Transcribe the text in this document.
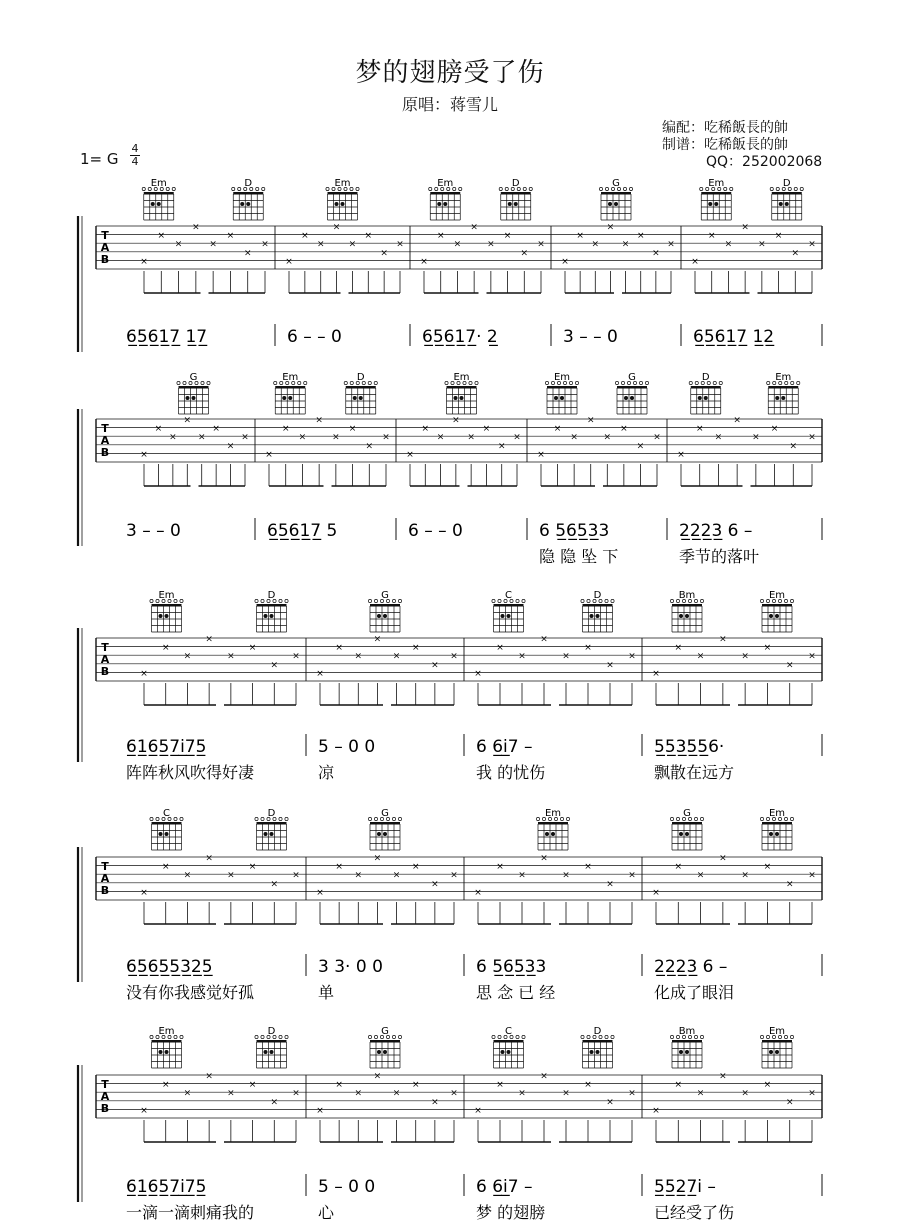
梦的翅膀受了伤
原唱：蒋雪儿
编配：吃稀飯長的帥
制谱：吃稀飯長的帥
QQ：252002068
1= G
4
4
T
A
B	×
×
×
×
×
×
×
×
6̲5̲6̲1̲7̲ 1̲7̲
×
×
×
×
×
×
×
×
6 – – 0
×
×
×
×
×
×
×
×
6̲5̲6̲1̲7̲· 2̲
×
×
×
×
×
×
×
×
3 – – 0
×
×
×
×
×
×
×
×
6̲5̲6̲1̲7̲ 1̲2̲
Em	D	Em	Em	D	G	Em	D
T
A
B	×
×
×
×
×
×
×
×
3 – – 0
×
×
×
×
×
×
×
×
6̲5̲6̲1̲7̲ 5
×
×
×
×
×
×
×
×
6 – – 0
×
×
×
×
×
×
×
×
6 5̲6̲5̲3̲3
隐 隐 坠 下
×
×
×
×
×
×
×
×
2̲2̲2̲3̲ 6 –
季节的落叶
G	Em	D	Em	Em	G	D	Em
T
A
B	×
×
×
×
×
×
×
×
6̲1̲6̲5̲7̲i̲7̲5̲
阵阵秋风吹得好凄
×
×
×
×
×
×
×
×
5 – 0 0
凉
×
×
×
×
×
×
×
×
6 6̲i̲7 –
我 的忧伤
×
×
×
×
×
×
×
×
5̲5̲3̲5̲5̲6·
飘散在远方
Em	D	G	C	D	Bm	Em
T
A
B	×
×
×
×
×
×
×
×
6̲5̲6̲5̲5̲3̲2̲5̲
没有你我感觉好孤
×
×
×
×
×
×
×
×
3 3· 0 0
单
×
×
×
×
×
×
×
×
6 5̲6̲5̲3̲3
思 念 已 经
×
×
×
×
×
×
×
×
2̲2̲2̲3̲ 6 –
化成了眼泪
C	D	G	Em	G	Em
T
A
B	×
×
×
×
×
×
×
×
6̲1̲6̲5̲7̲i̲7̲5̲
一滴一滴刺痛我的
×
×
×
×
×
×
×
×
5 – 0 0
心
×
×
×
×
×
×
×
×
6 6̲i̲7 –
梦 的翅膀
×
×
×
×
×
×
×
×
5̲5̲2̲7̲i –
已经受了伤
Em	D	G	C	D	Bm	Em
